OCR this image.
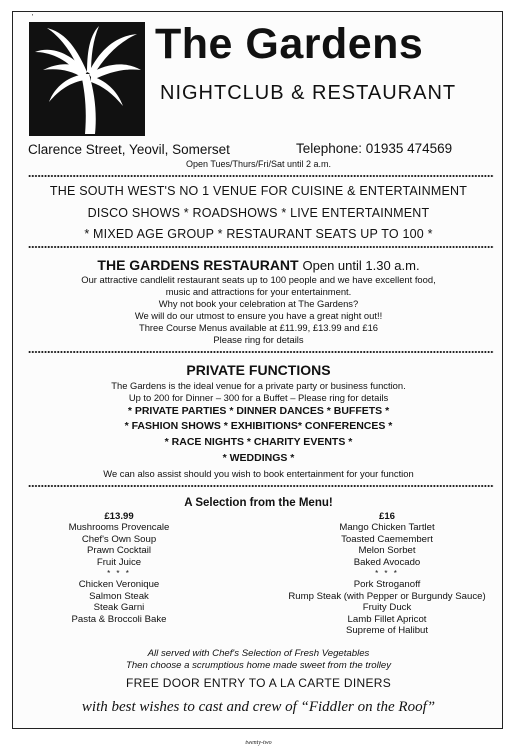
'
The Gardens
NIGHTCLUB & RESTAURANT
Clarence Street, Yeovil, Somerset	Telephone: 01935 474569
Open Tues/Thurs/Fri/Sat until 2 a.m.
THE SOUTH WEST'S NO 1 VENUE FOR CUISINE & ENTERTAINMENT
DISCO SHOWS * ROADSHOWS * LIVE ENTERTAINMENT
* MIXED AGE GROUP * RESTAURANT SEATS UP TO 100 *
THE GARDENS RESTAURANT Open until 1.30 a.m.
Our attractive candlelit restaurant seats up to 100 people and we have excellent food,
music and attractions for your entertainment.
Why not book your celebration at The Gardens?
We will do our utmost to ensure you have a great night out!!
Three Course Menus available at £11.99, £13.99 and £16
Please ring for details
PRIVATE FUNCTIONS
The Gardens is the ideal venue for a private party or business function.
Up to 200 for Dinner – 300 for a Buffet – Please ring for details
* PRIVATE PARTIES * DINNER DANCES * BUFFETS *
* FASHION SHOWS * EXHIBITIONS* CONFERENCES *
* RACE NIGHTS * CHARITY EVENTS *
* WEDDINGS *
We can also assist should you wish to book entertainment for your function
A Selection from the Menu!
£13.99
Mushrooms Provencale
Chef's Own Soup
Prawn Cocktail
Fruit Juice
* * *
Chicken Veronique
Salmon Steak
Steak Garni
Pasta & Broccoli Bake
£16
Mango Chicken Tartlet
Toasted Caemembert
Melon Sorbet
Baked Avocado
* * *
Pork Stroganoff
Rump Steak (with Pepper or Burgundy Sauce)
Fruity Duck
Lamb Fillet Apricot
Supreme of Halibut
All served with Chef's Selection of Fresh Vegetables
Then choose a scrumptious home made sweet from the trolley
FREE DOOR ENTRY TO A LA CARTE DINERS
with best wishes to cast and crew of “Fiddler on the Roof”
twenty-two
